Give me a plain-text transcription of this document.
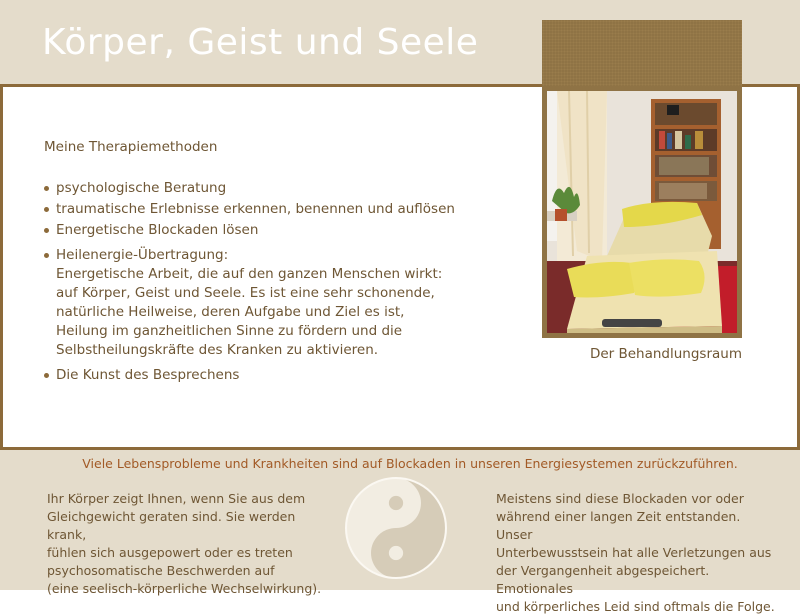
Körper, Geist und Seele
Der Behandlungsraum
Meine Therapiemethoden
psychologische Beratung
traumatische Erlebnisse erkennen, benennen und auflösen
Energetische Blockaden lösen
Heilenergie-Übertragung:
Energetische Arbeit, die auf den ganzen Menschen wirkt:
auf Körper, Geist und Seele. Es ist eine sehr schonende,
natürliche Heilweise, deren Aufgabe und Ziel es ist,
Heilung im ganzheitlichen Sinne zu fördern und die
Selbstheilungskräfte des Kranken zu aktivieren.
Die Kunst des Besprechens
Viele Lebensprobleme und Krankheiten sind auf Blockaden in unseren Energiesystemen zurückzuführen.
Ihr Körper zeigt Ihnen, wenn Sie aus dem
Gleichgewicht geraten sind. Sie werden krank,
fühlen sich ausgepowert oder es treten
psychosomatische Beschwerden auf
(eine seelisch-körperliche Wechselwirkung).
Meistens sind diese Blockaden vor oder
während einer langen Zeit entstanden. Unser
Unterbewusstsein hat alle Verletzungen aus
der Vergangenheit abgespeichert. Emotionales
und körperliches Leid sind oftmals die Folge.
